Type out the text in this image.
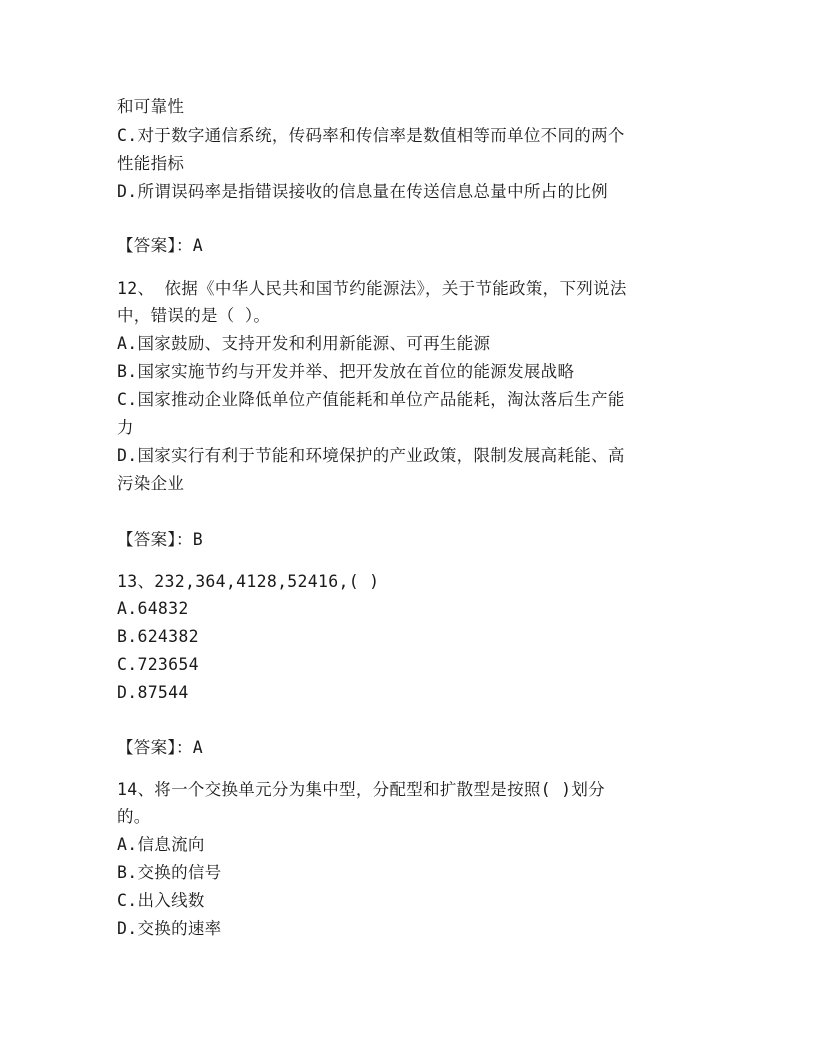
和可靠性
C.对于数字通信系统，传码率和传信率是数值相等而单位不同的两个
性能指标
D.所谓误码率是指错误接收的信息量在传送信息总量中所占的比例
【答案】：A
12、 依据《中华人民共和国节约能源法》，关于节能政策，下列说法
中，错误的是（ ）。
A.国家鼓励、支持开发和利用新能源、可再生能源
B.国家实施节约与开发并举、把开发放在首位的能源发展战略
C.国家推动企业降低单位产值能耗和单位产品能耗，淘汰落后生产能
力
D.国家实行有利于节能和环境保护的产业政策，限制发展高耗能、高
污染企业
【答案】：B
13、232,364,4128,52416,( )
A.64832
B.624382
C.723654
D.87544
【答案】：A
14、将一个交换单元分为集中型，分配型和扩散型是按照( )划分
的。
A.信息流向
B.交换的信号
C.出入线数
D.交换的速率
